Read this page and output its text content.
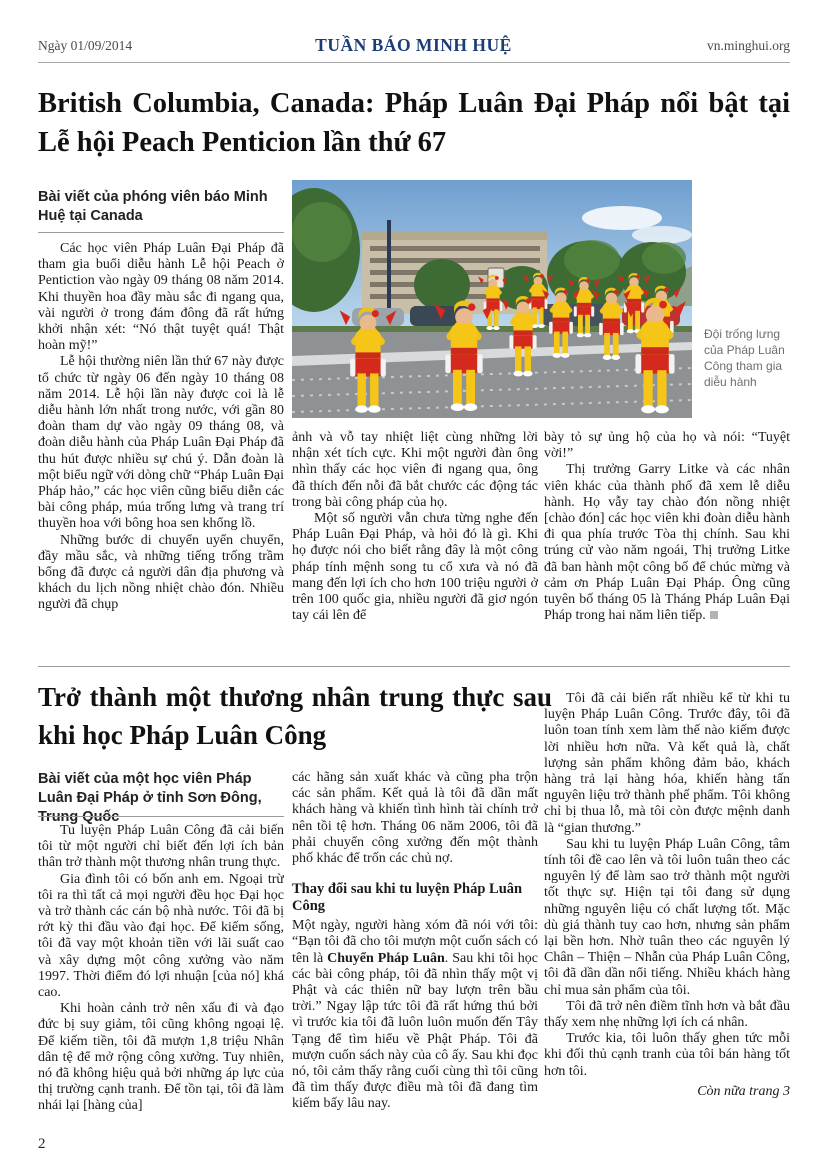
Ngày 01/09/2014	TUẦN BÁO MINH HUỆ	vn.minghui.org
British Columbia, Canada: Pháp Luân Đại Pháp nổi bật tại Lễ hội Peach Penticion lần thứ 67
Bài viết của phóng viên báo Minh Huệ tại Canada

Các học viên Pháp Luân Đại Pháp đã tham gia buổi diễu hành Lễ hội Peach ở Pentiction vào ngày 09 tháng 08 năm 2014. Khi thuyền hoa đầy màu sắc đi ngang qua, vài người ở trong đám đông đã rất hứng khởi nhận xét: “Nó thật tuyệt quá! Thật hoàn mỹ!”

Lễ hội thường niên lần thứ 67 này được tổ chức từ ngày 06 đến ngày 10 tháng 08 năm 2014. Lễ hội lần này được coi là lễ diễu hành lớn nhất trong nước, với gần 80 đoàn tham dự vào ngày 09 tháng 08, và đoàn diễu hành của Pháp Luân Đại Pháp đã thu hút được nhiều sự chú ý. Dẫn đoàn là một biểu ngữ với dòng chữ “Pháp Luân Đại Pháp hảo,” các học viên cũng biểu diễn các bài công pháp, múa trống lưng và trang trí thuyền hoa với bông hoa sen khổng lồ.

Những bước di chuyển uyển chuyển, đầy mầu sắc, và những tiếng trống trầm bổng đã được cả người dân địa phương và khách du lịch nồng nhiệt chào đón. Nhiều người đã chụp

Đội trống lưng của Pháp Luân Công tham gia diễu hành

ảnh và vỗ tay nhiệt liệt cùng những lời nhận xét tích cực. Khi một người đàn ông nhìn thấy các học viên đi ngang qua, ông đã thích đến nỗi đã bắt chước các động tác trong bài công pháp của họ.

Một số người vẫn chưa từng nghe đến Pháp Luân Đại Pháp, và hỏi đó là gì. Khi họ được nói cho biết rằng đây là một công pháp tính mệnh song tu cổ xưa và nó đã mang đến lợi ích cho hơn 100 triệu người ở trên 100 quốc gia, nhiều người đã giơ ngón tay cái lên để

bày tỏ sự ủng hộ của họ và nói: “Tuyệt vời!”

Thị trưởng Garry Litke và các nhân viên khác của thành phố đã xem lễ diễu hành. Họ vẫy tay chào đón nồng nhiệt [chào đón] các học viên khi đoàn diễu hành đi qua phía trước Tòa thị chính. Sau khi trúng cử vào năm ngoái, Thị trưởng Litke đã ban hành một công bố để chúc mừng và cảm ơn Pháp Luân Đại Pháp. Ông cũng tuyên bố tháng 05 là Tháng Pháp Luân Đại Pháp trong hai năm liên tiếp.

Trở thành một thương nhân trung thực sau khi học Pháp Luân Công
Bài viết của một học viên Pháp Luân Đại Pháp ở tỉnh Sơn Đông, Trung Quốc

Tu luyện Pháp Luân Công đã cải biến tôi từ một người chỉ biết đến lợi ích bản thân trở thành một thương nhân trung thực.

Gia đình tôi có bốn anh em. Ngoại trừ tôi ra thì tất cả mọi người đều học Đại học và trở thành các cán bộ nhà nước. Tôi đã bị rớt kỳ thi đầu vào đại học. Để kiếm sống, tôi đã vay một khoản tiền với lãi suất cao và xây dựng một công xưởng vào năm 1997. Thời điểm đó lợi nhuận [của nó] khá cao.

Khi hoàn cảnh trở nên xấu đi và đạo đức bị suy giảm, tôi cũng không ngoại lệ. Để kiếm tiền, tôi đã mượn 1,8 triệu Nhân dân tệ để mở rộng công xưởng. Tuy nhiên, nó đã không hiệu quả bởi những áp lực của thị trường cạnh tranh. Để tồn tại, tôi đã làm nhái lại [hàng của]

các hãng sản xuất khác và cũng pha trộn các sản phẩm. Kết quả là tôi đã dần mất khách hàng và khiến tình hình tài chính trở nên tồi tệ hơn. Tháng 06 năm 2006, tôi đã phải chuyển công xưởng đến một thành phố khác để trốn các chủ nợ.

Thay đổi sau khi tu luyện Pháp Luân Công

Một ngày, người hàng xóm đã nói với tôi: “Bạn tôi đã cho tôi mượn một cuốn sách có tên là Chuyển Pháp Luân. Sau khi tôi học các bài công pháp, tôi đã nhìn thấy một vị Phật và các thiên nữ bay lượn trên bầu trời.” Ngay lập tức tôi đã rất hứng thú bởi vì trước kia tôi đã luôn luôn muốn đến Tây Tạng để tìm hiểu về Phật Pháp. Tôi đã mượn cuốn sách này của cô ấy. Sau khi đọc nó, tôi cảm thấy rằng cuối cùng thì tôi cũng đã tìm thấy được điều mà tôi đã đang tìm kiếm bấy lâu nay.

Tôi đã cải biến rất nhiều kể từ khi tu luyện Pháp Luân Công. Trước đây, tôi đã luôn toan tính xem làm thế nào kiếm được lời nhiều hơn nữa. Và kết quả là, chất lượng sản phẩm không đảm bảo, khách hàng trả lại hàng hóa, khiến hàng tấn nguyên liệu trở thành phế phẩm. Tôi không chỉ bị thua lỗ, mà tôi còn được mệnh danh là “gian thương.”

Sau khi tu luyện Pháp Luân Công, tâm tính tôi đề cao lên và tôi luôn tuân theo các nguyên lý để làm sao trở thành một người tốt thực sự. Hiện tại tôi đang sử dụng những nguyên liệu có chất lượng tốt. Mặc dù giá thành tuy cao hơn, nhưng sản phẩm lại bền hơn. Nhờ tuân theo các nguyên lý Chân – Thiện – Nhẫn của Pháp Luân Công, tôi đã dần dần nổi tiếng. Nhiều khách hàng chỉ mua sản phẩm của tôi.

Tôi đã trở nên điềm tĩnh hơn và bắt đầu thấy xem nhẹ những lợi ích cá nhân.

Trước kia, tôi luôn thấy ghen tức mỗi khi đối thủ cạnh tranh của tôi bán hàng tốt hơn tôi.

Còn nữa trang 3

2
